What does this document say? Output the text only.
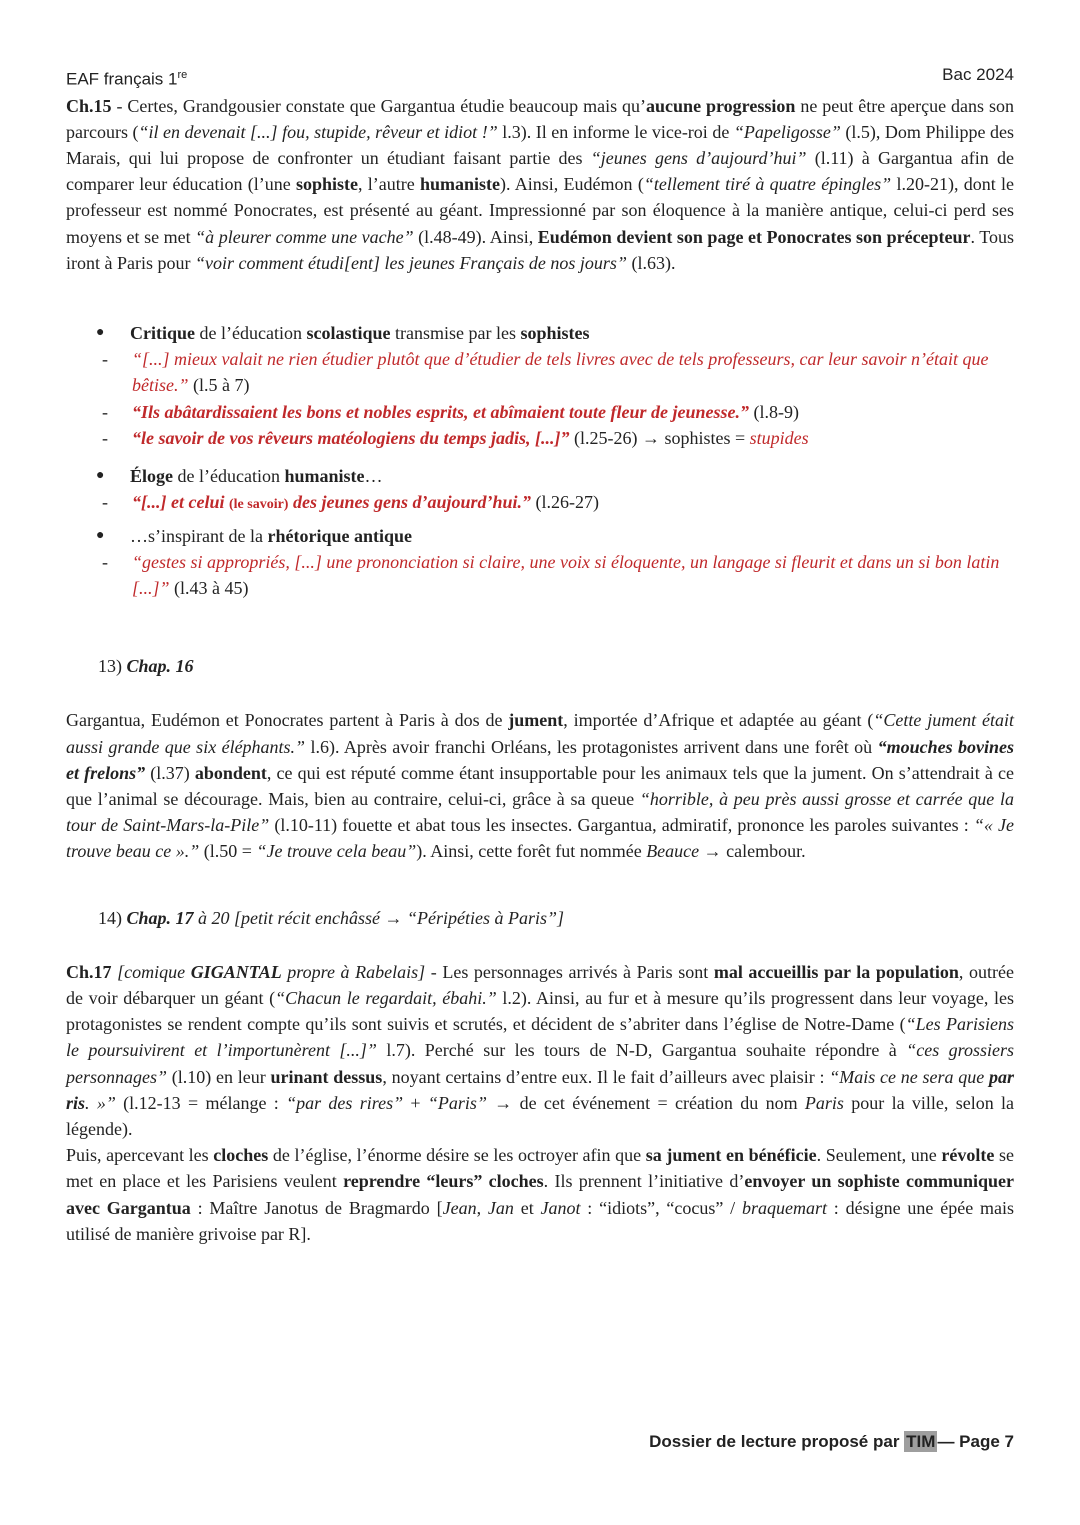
EAF français 1re	Bac 2024

Ch.15 - Certes, Grandgousier constate que Gargantua étudie beaucoup mais qu’aucune progression ne peut être aperçue dans son parcours (“il en devenait [...] fou, stupide, rêveur et idiot !” l.3). Il en informe le vice-roi de “Papeligosse” (l.5), Dom Philippe des Marais, qui lui propose de confronter un étudiant faisant partie des “jeunes gens d’aujourd’hui” (l.11) à Gargantua afin de comparer leur éducation (l’une sophiste, l’autre humaniste). Ainsi, Eudémon (“tellement tiré à quatre épingles” l.20-21), dont le professeur est nommé Ponocrates, est présenté au géant. Impressionné par son éloquence à la manière antique, celui-ci perd ses moyens et se met “à pleurer comme une vache” (l.48-49). Ainsi, Eudémon devient son page et Ponocrates son précepteur. Tous iront à Paris pour “voir comment étudi[ent] les jeunes Français de nos jours” (l.63).

● Critique de l’éducation scolastique transmise par les sophistes
- “[...] mieux valait ne rien étudier plutôt que d’étudier de tels livres avec de tels professeurs, car leur savoir n’était que bêtise.” (l.5 à 7)
- “Ils abâtardissaient les bons et nobles esprits, et abîmaient toute fleur de jeunesse.” (l.8-9)
- “le savoir de vos rêveurs matéologiens du temps jadis, [...]” (l.25-26) → sophistes = stupides
● Éloge de l’éducation humaniste…
- “[...] et celui (le savoir) des jeunes gens d’aujourd’hui.” (l.26-27)
● …s’inspirant de la rhétorique antique
- “gestes si appropriés, [...] une prononciation si claire, une voix si éloquente, un langage si fleurit et dans un si bon latin [...]” (l.43 à 45)
13) Chap. 16

Gargantua, Eudémon et Ponocrates partent à Paris à dos de jument, importée d’Afrique et adaptée au géant (“Cette jument était aussi grande que six éléphants.” l.6). Après avoir franchi Orléans, les protagonistes arrivent dans une forêt où “mouches bovines et frelons” (l.37) abondent, ce qui est réputé comme étant insupportable pour les animaux tels que la jument. On s’attendrait à ce que l’animal se décourage. Mais, bien au contraire, celui-ci, grâce à sa queue “horrible, à peu près aussi grosse et carrée que la tour de Saint-Mars-la-Pile” (l.10-11) fouette et abat tous les insectes. Gargantua, admiratif, prononce les paroles suivantes : “« Je trouve beau ce ».” (l.50 = “Je trouve cela beau”). Ainsi, cette forêt fut nommée Beauce → calembour.

14) Chap. 17 à 20 [petit récit enchâssé → “Péripéties à Paris”]

Ch.17 [comique GIGANTAL propre à Rabelais] - Les personnages arrivés à Paris sont mal accueillis par la population, outrée de voir débarquer un géant (“Chacun le regardait, ébahi.” l.2). Ainsi, au fur et à mesure qu’ils progressent dans leur voyage, les protagonistes se rendent compte qu’ils sont suivis et scrutés, et décident de s’abriter dans l’église de Notre-Dame (“Les Parisiens le poursuivirent et l’importunèrent [...]” l.7). Perché sur les tours de N-D, Gargantua souhaite répondre à “ces grossiers personnages” (l.10) en leur urinant dessus, noyant certains d’entre eux. Il le fait d’ailleurs avec plaisir : “Mais ce ne sera que par ris. »” (l.12-13 = mélange : “par des rires” + “Paris” → de cet événement = création du nom Paris pour la ville, selon la légende).

Puis, apercevant les cloches de l’église, l’énorme désire se les octroyer afin que sa jument en bénéficie. Seulement, une révolte se met en place et les Parisiens veulent reprendre “leurs” cloches. Ils prennent l’initiative d’envoyer un sophiste communiquer avec Gargantua : Maître Janotus de Bragmardo [Jean, Jan et Janot : “idiots”, “cocus” / braquemart : désigne une épée mais utilisé de manière grivoise par R].

Dossier de lecture proposé par TIM — Page 7
